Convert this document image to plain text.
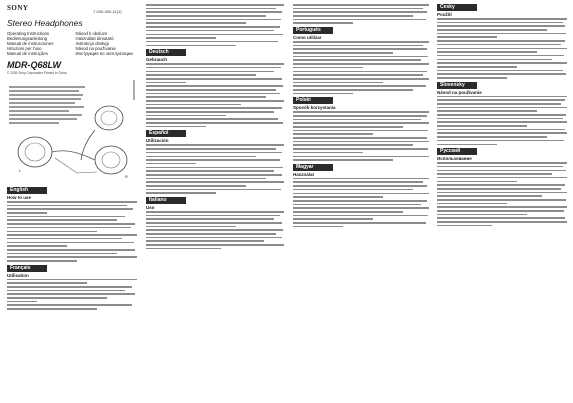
SONY	7-000-000-11(1)
Stereo Headphones
Operating Instructions	Návod k obsluze
Bedienungsanleitung	Használati útmutató
Manual de instrucciones	Instrukcja obsługi
Istruzioni per l'uso	Návod na používanie
Manual de instruções	Инструкция по эксплуатации
MDR-Q68LW
© 2005 Sony Corporation Printed in China
L
R
English
How to use
Français
Utilisation
Deutsch
Gebrauch
Español
Utilización
Italiano
Uso
Português
Como utilizar
Polski
Sposób korzystania
Magyar
Használat
Česky
Použití
Slovensky
Návod na používanie
Русский
Использование
